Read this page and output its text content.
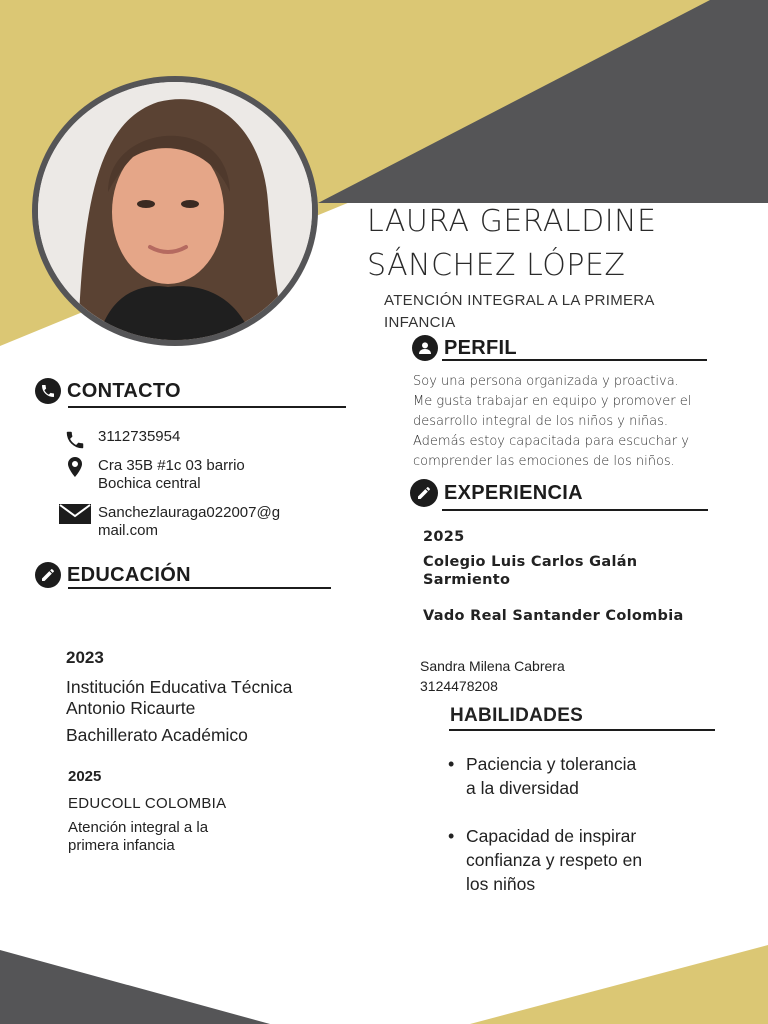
LAURA GERALDINE
SÁNCHEZ LÓPEZ
ATENCIÓN INTEGRAL A LA PRIMERA INFANCIA
CONTACTO
3112735954
Cra 35B #1c 03 barrio
Bochica central
Sanchezlauraga022007@g
mail.com
EDUCACIÓN
2023
Institución Educativa Técnica
Antonio Ricaurte
Bachillerato Académico
2025
EDUCOLL COLOMBIA
Atención integral a la
primera infancia
PERFIL
Soy una persona organizada y proactiva.
Me gusta trabajar en equipo y promover el
desarrollo integral de los niños y niñas.
Además estoy capacitada para escuchar y
comprender las emociones de los niños.
EXPERIENCIA
2025
Colegio Luis Carlos Galán
Sarmiento
Vado Real Santander Colombia
Sandra Milena Cabrera
3124478208
HABILIDADES
• Paciencia y tolerancia
a la diversidad
• Capacidad de inspirar
confianza y respeto en
los niños
